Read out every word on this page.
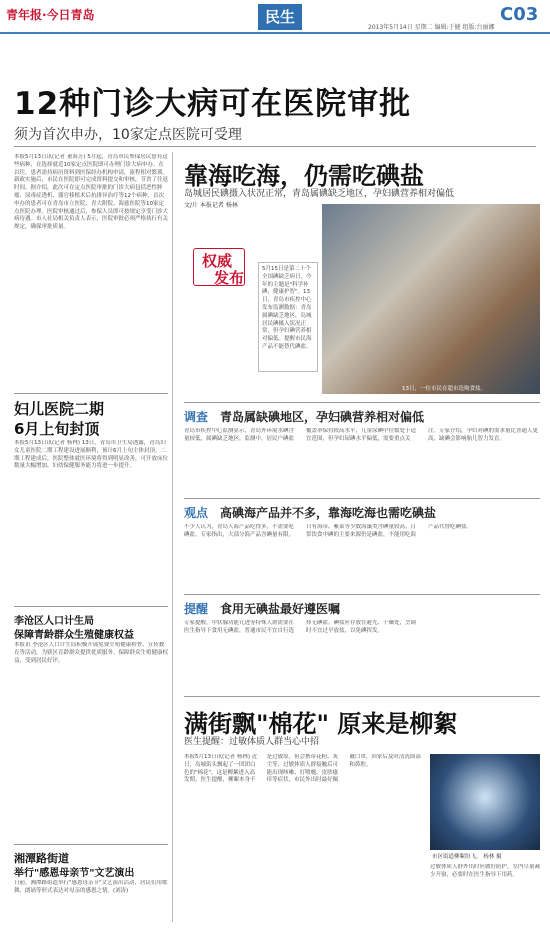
青年报·今日青岛	民生	C03
2013年5月14日 星期二 编辑:于健 组版:台丽娜
12种门诊大病可在医院审批
须为首次申办，10家定点医院可受理
本报5月13日讯(记者 董海芳) 5月起，青岛市民参保居民患有这些病种，在选择就近10家定点医院即可办理门诊大病申办。在以往，患者需持病历资料到医保经办机构申请，流程相对繁琐。新政实施后，市民在医院即可完成资料提交和审核，节省了往返时间。据介绍，此次可在定点医院审批的门诊大病包括恶性肿瘤、尿毒症透析、器官移植术后抗排异治疗等12个病种，首次申办的患者可在青岛市立医院、青大附院、海慈医院等10家定点医院办理。医院审核通过后，参保人员即可按规定享受门诊大病待遇。市人社局相关负责人表示，医院审批必须严格执行有关规定，确保审批质量。
妇儿医院二期
6月上旬封顶
本报5月13日讯(记者 杨林) 13日，青岛市卫生局透露，青岛妇女儿童医院二期工程建设进展顺利，预计6月上旬主体封顶。二期工程建成后，医院整体就医环境将得到明显改善，可开放床位数量大幅增加，妇幼保健服务能力将进一步提升。
李沧区人口计生局
保障青龄群众生殖健康权益
本报讯 李沧区人口计生局积极开展免费生殖健康检查、宣传教育等活动，为辖区育龄群众提供优质服务，保障群众生殖健康权益，受到居民好评。
湘潭路街道
举行"感恩母亲节"文艺演出
日前，湘潭路街道举行"感恩母亲节"文艺演出活动，居民们用歌舞、朗诵等形式表达对母亲的感恩之情。(刘涛)
靠海吃海，仍需吃碘盐
岛城居民碘摄入状况正常，青岛属碘缺乏地区，孕妇碘营养相对偏低
文/片 本报记者 杨林
权威
发布	5月15日是第二十个全国碘缺乏病日，今年的主题是"科学补碘，健康护智"。13日，青岛市疾控中心发布监测数据：青岛属碘缺乏地区，岛城居民碘摄入状况正常，但孕妇碘营养相对偏低。提醒市民海产品不能替代碘盐。
13日，一位市民在超市选购食盐。
调查 青岛属缺碘地区，孕妇碘营养相对偏低
青岛市疾控中心监测显示，青岛外环境水碘含量较低，属碘缺乏地区。监测中，居民户碘盐覆盖率保持较高水平，儿童尿碘中位数处于适宜范围，但孕妇尿碘水平偏低，需要重点关注。专家介绍，孕妇对碘的需求量比普通人更高，缺碘会影响胎儿智力发育。
观点 高碘海产品并不多，靠海吃海也需吃碘盐
不少人认为，青岛人海产品吃得多，不需要吃碘盐。专家指出，大部分海产品含碘量有限，只有海带、紫菜等少数海藻类含碘量较高。日常饮食中碘的主要来源仍是碘盐，不能用吃海产品代替吃碘盐。
提醒 食用无碘盐最好遵医嘱
专家提醒，甲状腺功能亢进等特殊人群需要在医生指导下食用无碘盐，普通市民不宜自行选择无碘盐。碘盐应存放在避光、干燥处，烹调时不宜过早放盐，以免碘挥发。
满街飘"棉花" 原来是柳絮
医生提醒：过敏体质人群当心中招
本报5月13日讯(记者 杨林) 近日，岛城街头飘起了一团团白色的"棉花"，这是柳絮进入高发期。医生提醒，柳絮本身不是过敏原，但会携带花粉、灰尘等，过敏体质人群接触后可能出现咳嗽、打喷嚏、皮肤瘙痒等症状。市民外出时最好佩戴口罩，回家后及时清洗面部和鼻腔。
市区街道柳絮纷飞。 杨林 摄
过敏体质人群外出时应做好防护，室内尽量减少开窗，必要时在医生指导下用药。
